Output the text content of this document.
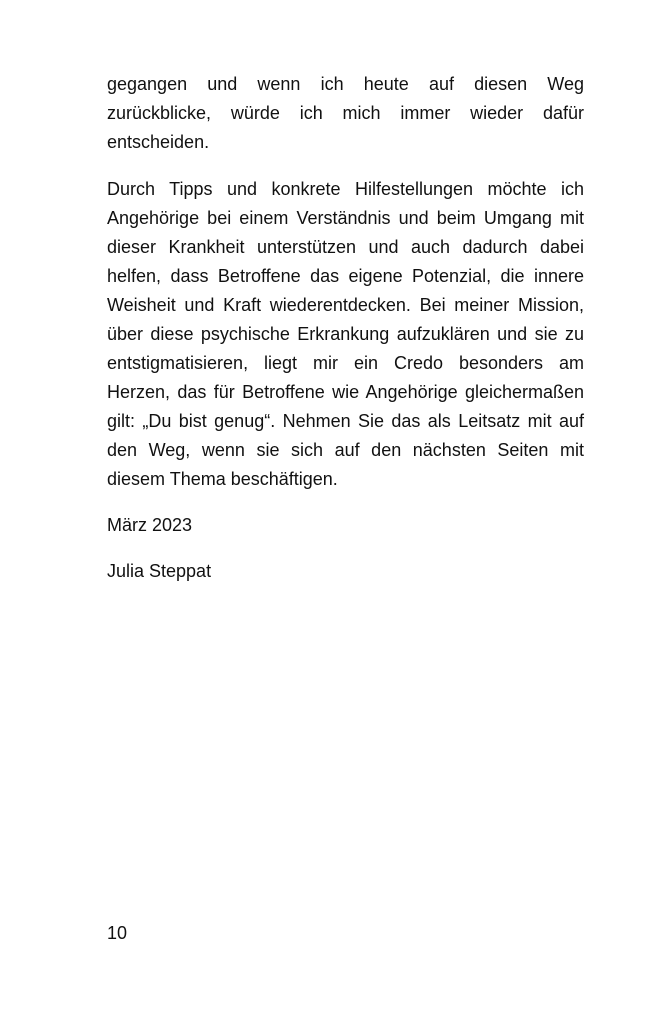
gegangen und wenn ich heute auf diesen Weg zurückblicke, würde ich mich immer wieder dafür entscheiden.

Durch Tipps und konkrete Hilfestellungen möchte ich Angehörige bei einem Verständnis und beim Umgang mit dieser Krankheit unterstützen und auch dadurch dabei helfen, dass Betroffene das eigene Potenzial, die innere Weisheit und Kraft wiederentdecken. Bei meiner Mission, über diese psychische Erkrankung aufzuklären und sie zu entstigmatisieren, liegt mir ein Credo besonders am Herzen, das für Betroffene wie Angehörige gleichermaßen gilt: „Du bist genug“. Nehmen Sie das als Leitsatz mit auf den Weg, wenn sie sich auf den nächsten Seiten mit diesem Thema beschäftigen.

März 2023

Julia Steppat

10
